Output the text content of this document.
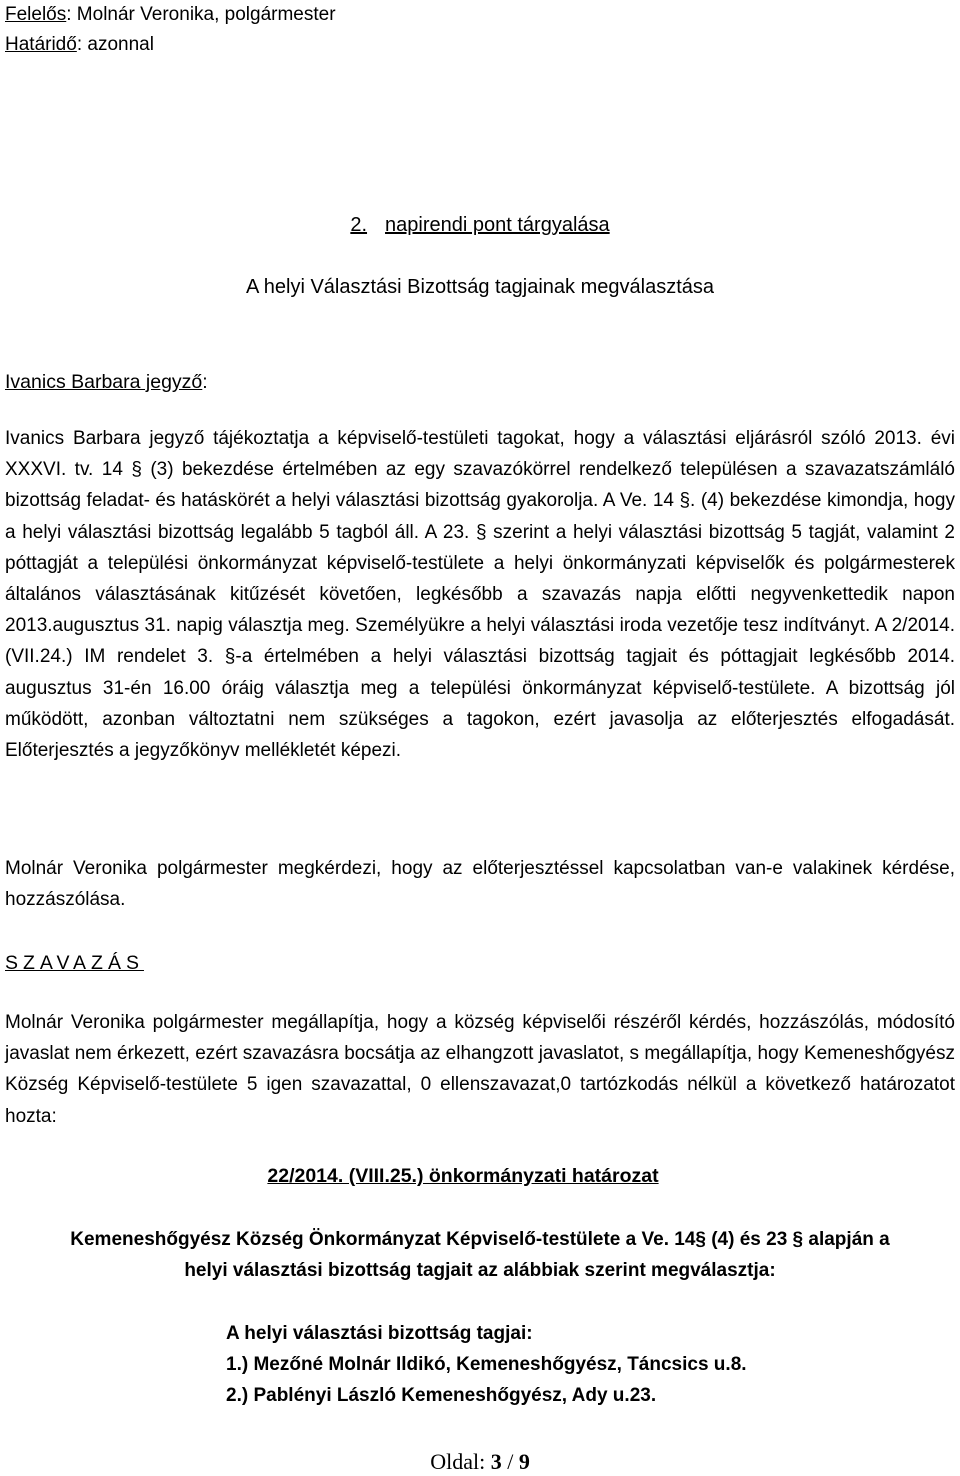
Felelős: Molnár Veronika, polgármester
Határidő: azonnal
2. napirendi pont tárgyalása
A helyi Választási Bizottság tagjainak megválasztása
Ivanics Barbara jegyző:
Ivanics Barbara jegyző tájékoztatja a képviselő-testületi tagokat, hogy a választási eljárásról szóló 2013. évi XXXVI. tv. 14 § (3) bekezdése értelmében az egy szavazókörrel rendelkező településen a szavazatszámláló bizottság feladat- és hatáskörét a helyi választási bizottság gyakorolja. A Ve. 14 §. (4) bekezdése kimondja, hogy a helyi választási bizottság legalább 5 tagból áll. A 23. § szerint a helyi választási bizottság 5 tagját, valamint 2 póttagját a települési önkormányzat képviselő-testülete a helyi önkormányzati képviselők és polgármesterek általános választásának kitűzését követően, legkésőbb a szavazás napja előtti negyvenkettedik napon 2013.augusztus 31. napig választja meg. Személyükre a helyi választási iroda vezetője tesz indítványt. A 2/2014.(VII.24.) IM rendelet 3. §-a értelmében a helyi választási bizottság tagjait és póttagjait legkésőbb 2014. augusztus 31-én 16.00 óráig választja meg a települési önkormányzat képviselő-testülete. A bizottság jól működött, azonban változtatni nem szükséges a tagokon, ezért javasolja az előterjesztés elfogadását. Előterjesztés a jegyzőkönyv mellékletét képezi.
Molnár Veronika polgármester megkérdezi, hogy az előterjesztéssel kapcsolatban van-e valakinek kérdése, hozzászólása.
SZAVAZÁS
Molnár Veronika polgármester megállapítja, hogy a község képviselői részéről kérdés, hozzászólás, módosító javaslat nem érkezett, ezért szavazásra bocsátja az elhangzott javaslatot, s megállapítja, hogy Kemeneshőgyész Község Képviselő-testülete 5 igen szavazattal, 0 ellenszavazat,0 tartózkodás nélkül a következő határozatot hozta:
22/2014. (VIII.25.) önkormányzati határozat
Kemeneshőgyész Község Önkormányzat Képviselő-testülete a Ve. 14§ (4) és 23 § alapján a
helyi választási bizottság tagjait az alábbiak szerint megválasztja:
A helyi választási bizottság tagjai:
1.) Mezőné Molnár Ildikó, Kemeneshőgyész, Táncsics u.8.
2.) Pablényi László Kemeneshőgyész, Ady u.23.
Oldal: 3 / 9
